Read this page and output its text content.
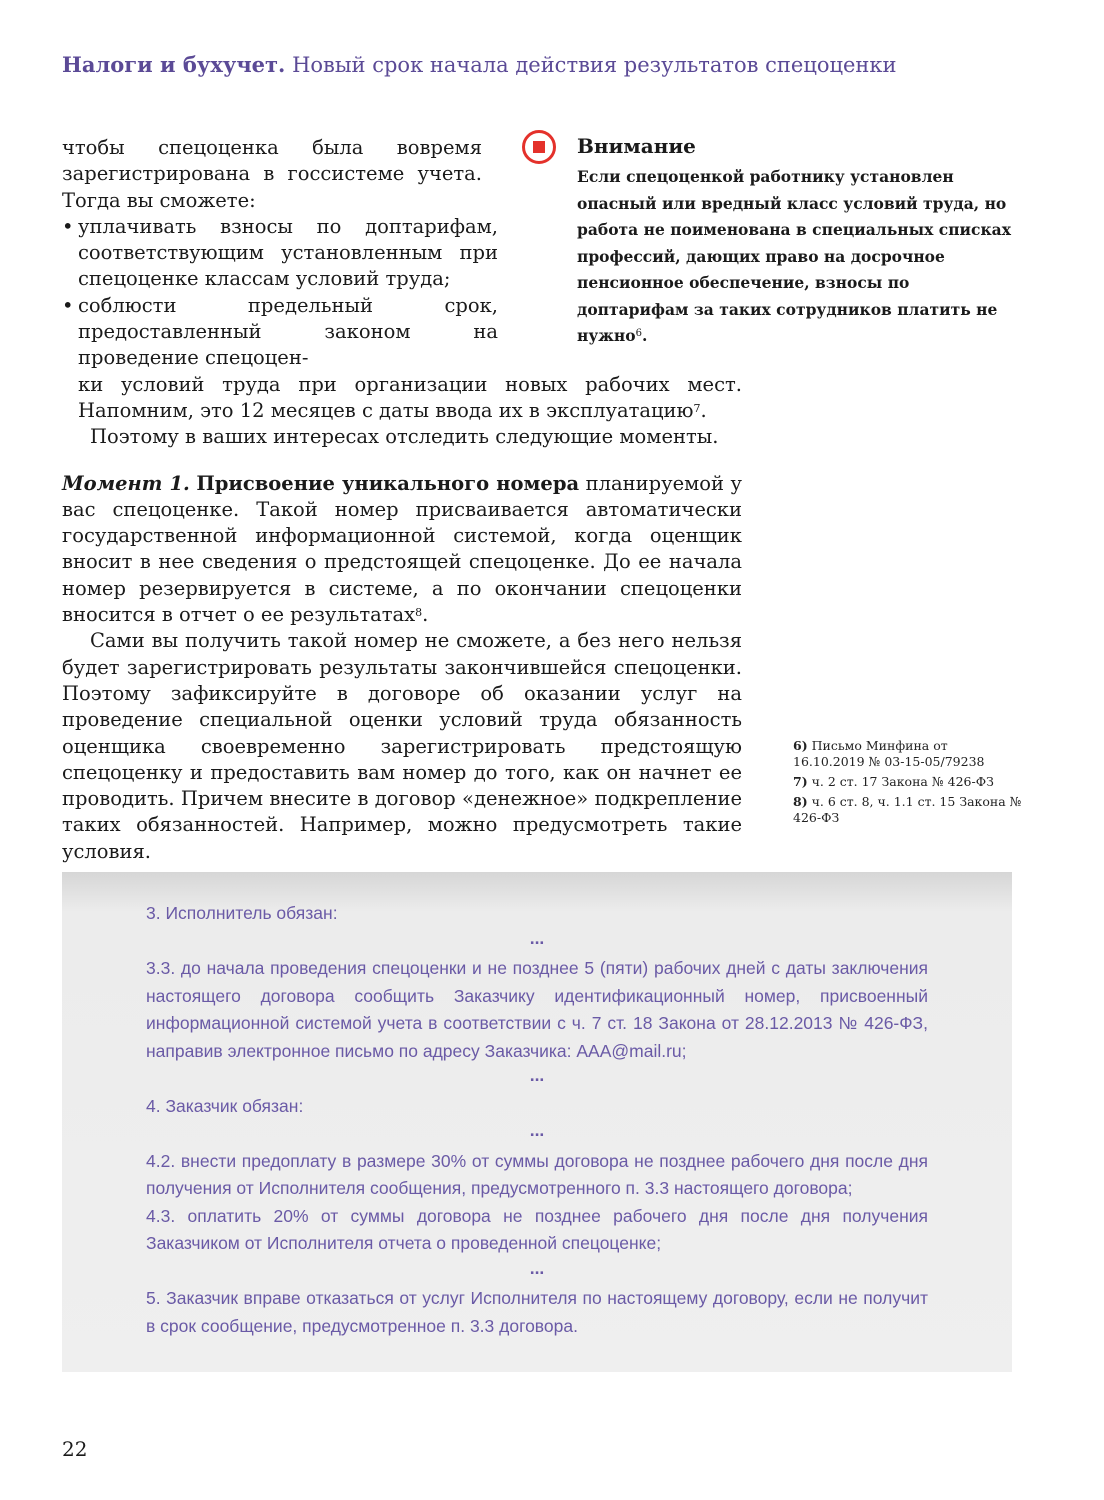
Налоги и бухучет. Новый срок начала действия результатов спецоценки

чтобы спецоценка была вовремя зарегистрирована в госсистеме учета. Тогда вы сможете:

• уплачивать взносы по доптарифам, соответствующим установленным при спецоценке классам условий труда;
• соблюсти предельный срок, предоставленный законом на проведение спецоцен-
ки условий труда при организации новых рабочих мест. Напомним, это 12 месяцев с даты ввода их в эксплуатацию$^7$.

Поэтому в ваших интересах отследить следующие моменты.

Момент 1. Присвоение уникального номера планируемой у вас спецоценке. Такой номер присваивается автоматически государственной информационной системой, когда оценщик вносит в нее сведения о предстоящей спецоценке. До ее начала номер резервируется в системе, а по окончании спецоценки вносится в отчет о ее результатах$^8$.

Сами вы получить такой номер не сможете, а без него нельзя будет зарегистрировать результаты закончившейся спецоценки. Поэтому зафиксируйте в договоре об оказании услуг на проведение специальной оценки условий труда обязанность оценщика своевременно зарегистрировать предстоящую спецоценку и предоставить вам номер до того, как он начнет ее проводить. Причем внесите в договор «денежное» подкрепление таких обязанностей. Например, можно предусмотреть такие условия.

Внимание
Если спецоценкой работнику установлен опасный или вредный класс условий труда, но работа не поименована в специальных списках профессий, дающих право на досрочное пенсионное обеспечение, взносы по доптарифам за таких сотрудников платить не нужно$^6$.
6) Письмо Минфина от 16.10.2019 № 03-15-05/79238
7) ч. 2 ст. 17 Закона № 426-ФЗ
8) ч. 6 ст. 8, ч. 1.1 ст. 15 Закона № 426-ФЗ

3. Исполнитель обязан:

...

3.3. до начала проведения спецоценки и не позднее 5 (пяти) рабочих дней с даты заключения настоящего договора сообщить Заказчику идентификационный номер, присвоенный информационной системой учета в соответствии с ч. 7 ст. 18 Закона от 28.12.2013 № 426-ФЗ, направив электронное письмо по адресу Заказчика: AAA@mail.ru;

...

4. Заказчик обязан:

...

4.2. внести предоплату в размере 30% от суммы договора не позднее рабочего дня после дня получения от Исполнителя сообщения, предусмотренного п. 3.3 настоящего договора;

4.3. оплатить 20% от суммы договора не позднее рабочего дня после дня получения Заказчиком от Исполнителя отчета о проведенной спецоценке;

...

5. Заказчик вправе отказаться от услуг Исполнителя по настоящему договору, если не получит в срок сообщение, предусмотренное п. 3.3 договора.

22
